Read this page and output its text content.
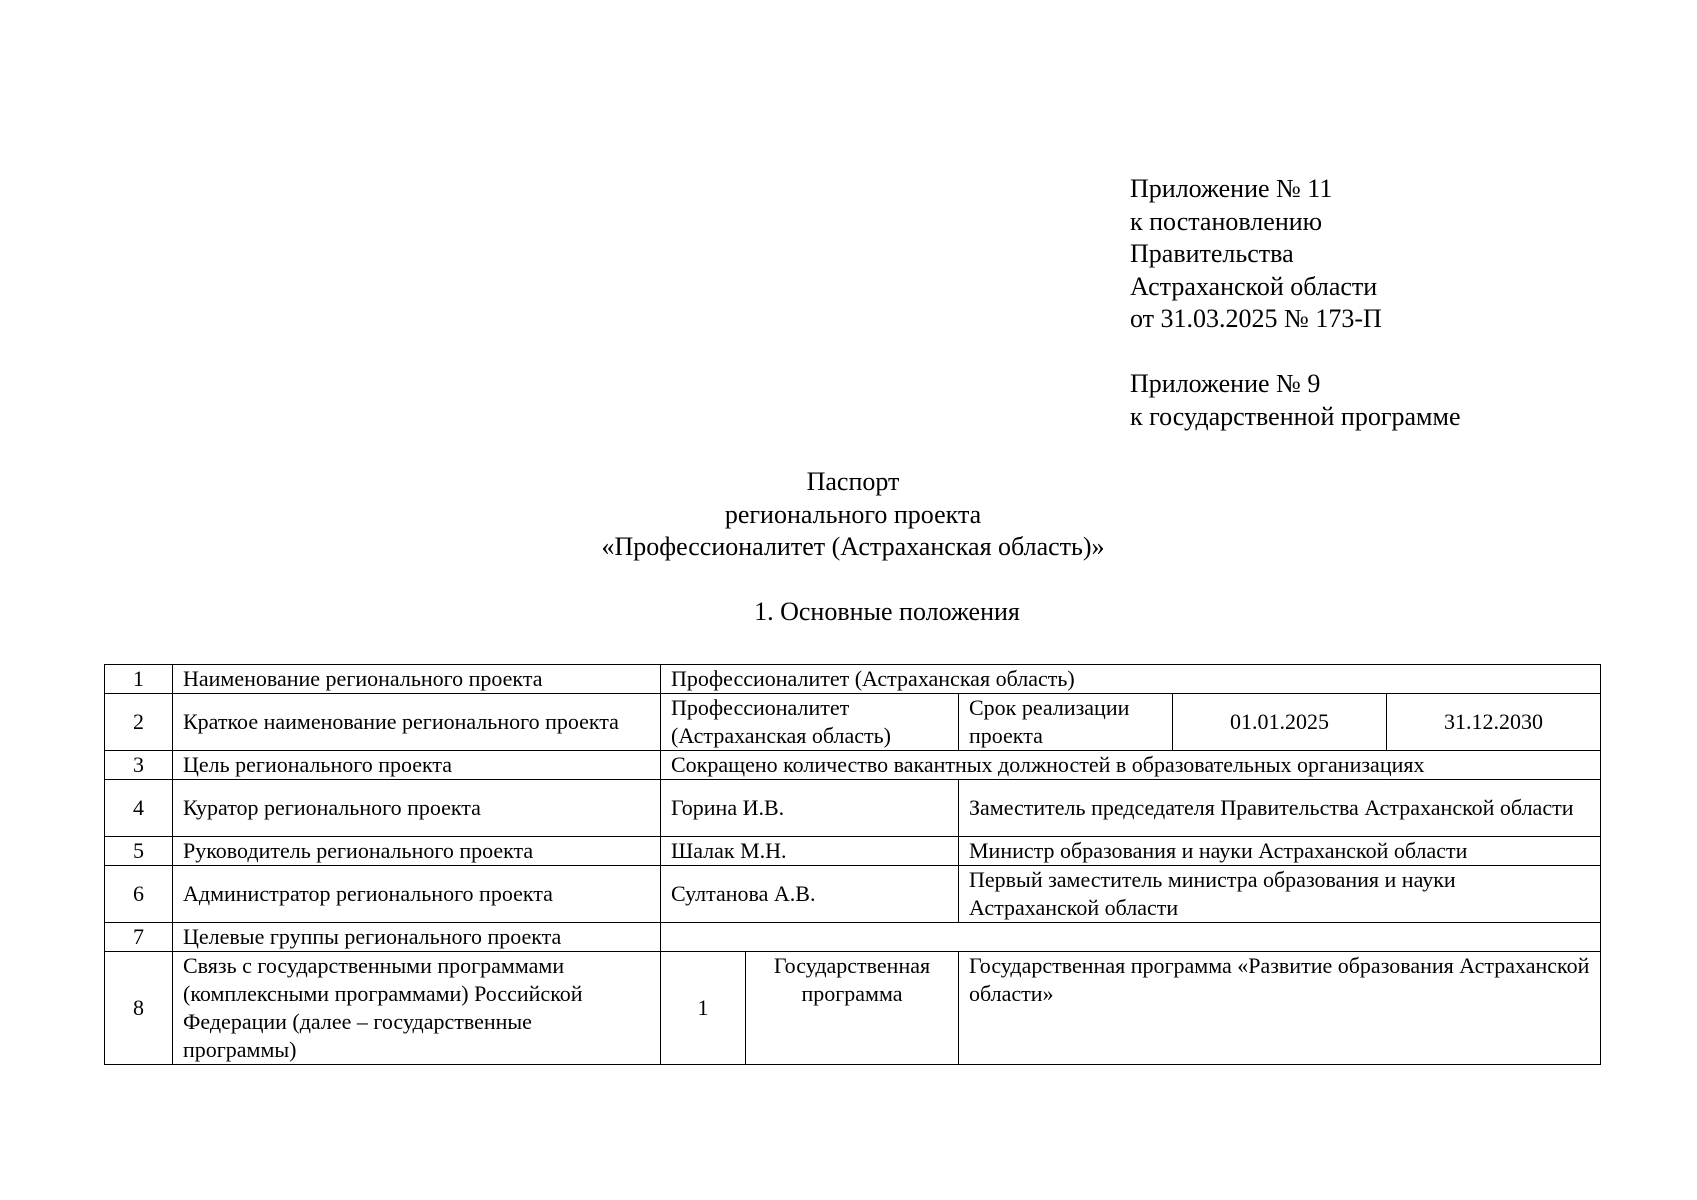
Приложение № 11
к постановлению
Правительства
Астраханской области
от 31.03.2025 № 173-П
Приложение № 9
к государственной программе
Паспорт
регионального проекта
«Профессионалитет (Астраханская область)»
1. Основные положения
1	Наименование регионального проекта	Профессионалитет (Астраханская область)				
2	Краткое наименование регионального проекта	Профессионалитет (Астраханская область)		Срок реализации проекта	01.01.2025	31.12.2030
3	Цель регионального проекта	Сокращено количество вакантных должностей в образовательных организациях				
4	Куратор регионального проекта	Горина И.В.		Заместитель председателя Правительства Астраханской области		
5	Руководитель регионального проекта	Шалак М.Н.		Министр образования и науки Астраханской области		
6	Администратор регионального проекта	Султанова А.В.		Первый заместитель министра образования и науки Астраханской области		
7	Целевые группы регионального проекта					
8	Связь с государственными программами (комплексными программами) Российской Федерации (далее – государственные программы)	1	Государственная программа	Государственная программа «Развитие образования Астраханской области»		
